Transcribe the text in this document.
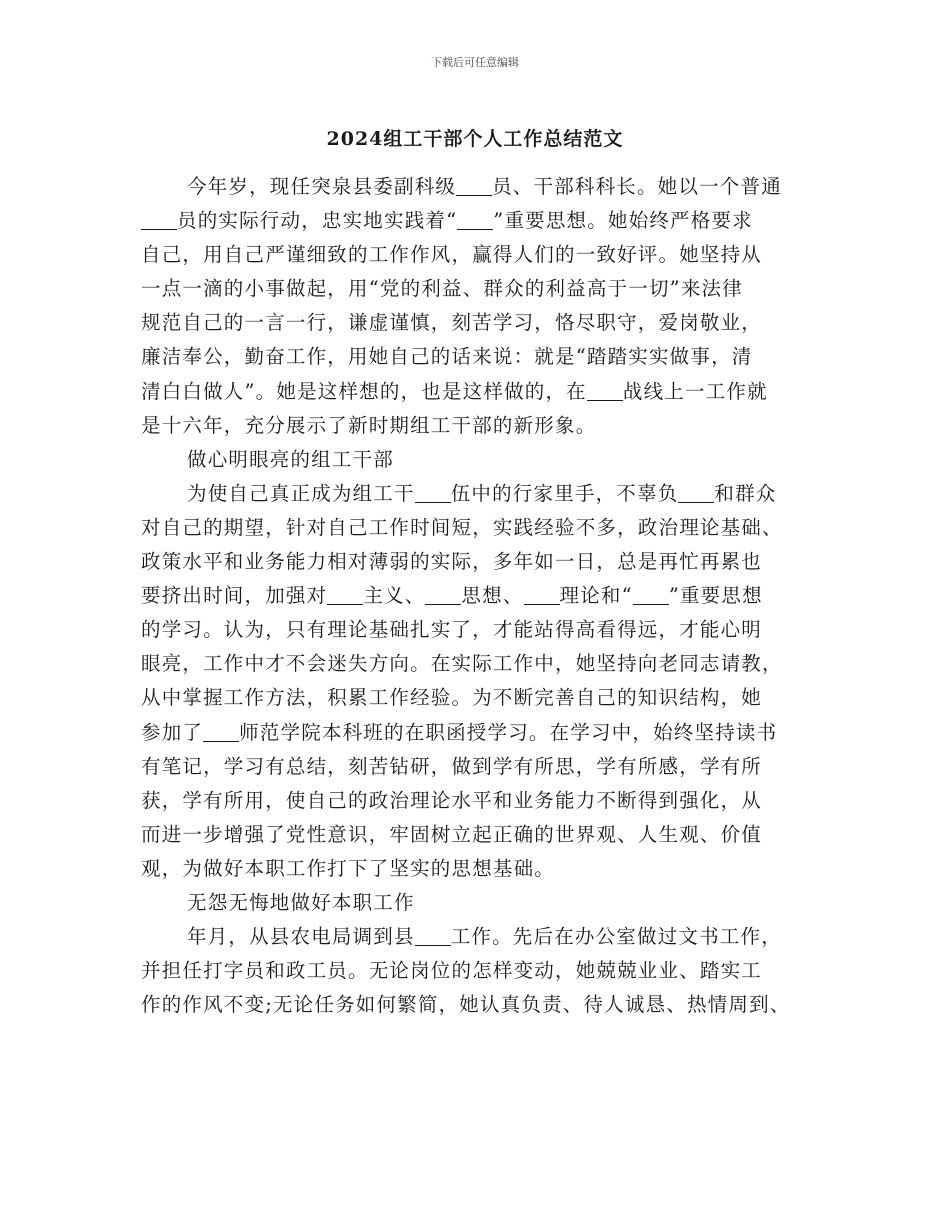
下载后可任意编辑
2024组工干部个人工作总结范文
今年岁，现任突泉县委副科级 员、干部科科长。她以一个普通
员的实际行动，忠实地实践着“ ”重要思想。她始终严格要求
自己，用自己严谨细致的工作作风，赢得人们的一致好评。她坚持从
一点一滴的小事做起，用“党的利益、群众的利益高于一切”来法律
规范自己的一言一行，谦虚谨慎，刻苦学习，恪尽职守，爱岗敬业，
廉洁奉公，勤奋工作，用她自己的话来说：就是“踏踏实实做事，清
清白白做人”。她是这样想的，也是这样做的，在 战线上一工作就
是十六年，充分展示了新时期组工干部的新形象。
做心明眼亮的组工干部
为使自己真正成为组工干 伍中的行家里手，不辜负 和群众
对自己的期望，针对自己工作时间短，实践经验不多，政治理论基础、
政策水平和业务能力相对薄弱的实际，多年如一日，总是再忙再累也
要挤出时间，加强对 主义、 思想、 理论和“ ”重要思想
的学习。认为，只有理论基础扎实了，才能站得高看得远，才能心明
眼亮，工作中才不会迷失方向。在实际工作中，她坚持向老同志请教，
从中掌握工作方法，积累工作经验。为不断完善自己的知识结构，她
参加了 师范学院本科班的在职函授学习。在学习中，始终坚持读书
有笔记，学习有总结，刻苦钻研，做到学有所思，学有所感，学有所
获，学有所用，使自己的政治理论水平和业务能力不断得到强化，从
而进一步增强了党性意识，牢固树立起正确的世界观、人生观、价值
观，为做好本职工作打下了坚实的思想基础。
无怨无悔地做好本职工作
年月，从县农电局调到县 工作。先后在办公室做过文书工作，
并担任打字员和政工员。无论岗位的怎样变动，她兢兢业业、踏实工
作的作风不变;无论任务如何繁简，她认真负责、待人诚恳、热情周到、
